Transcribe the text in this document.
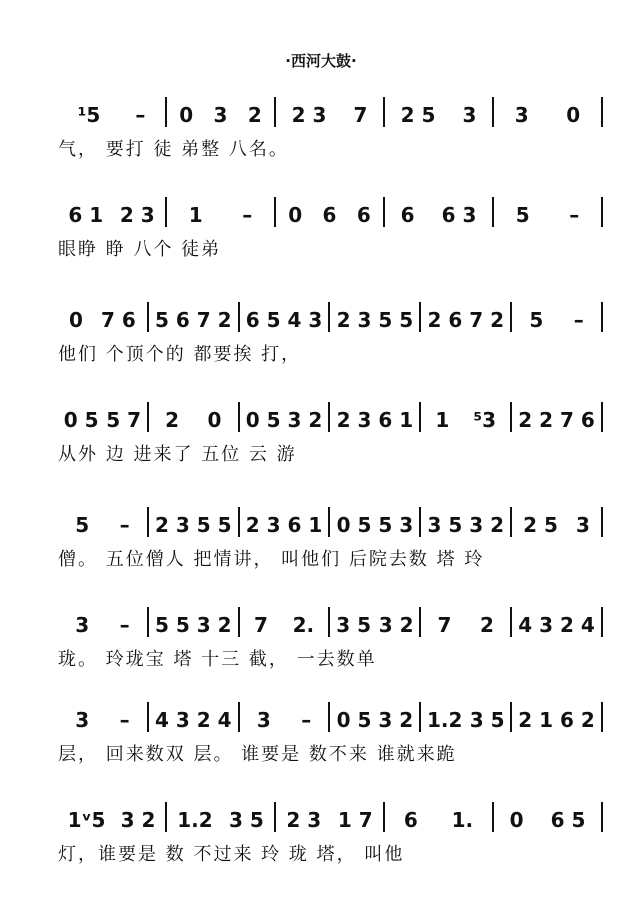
·西河大鼓·
¹5 – 0 3 2 2 3 7 2 5 3 3 0
气， 要打 徒 弟整 八名。
6 1 2 3 1 – 0 6 6 6 6 3 5 –
眼睁 睁 八个 徒弟
0 7 6 5 6 7 2 6 5 4 3 2 3 5 5 2 6 7 2 5 –
他们 个顶个的 都要挨 打，
0 5 5 7 2 0 0 5 3 2 2 3 6 1 1 ⁵3 2 2 7 6
从外 边 进来了 五位 云 游
5 – 2 3 5 5 2 3 6 1 0 5 5 3 3 5 3 2 2 5 3
僧。 五位僧人 把情讲， 叫他们 后院去数 塔 玲
3 – 5 5 3 2 7 2. 3 5 3 2 7 2 4 3 2 4
珑。 玲珑宝 塔 十三 截， 一去数单
3 – 4 3 2 4 3 – 0 5 3 2 1.2 3 5 2 1 6 2
层， 回来数双 层。 谁要是 数不来 谁就来跪
1ᵛ5 3 2 1.2 3 5 2 3 1 7 6 1. 0 6 5
灯，谁要是 数 不过来 玲 珑 塔， 叫他
